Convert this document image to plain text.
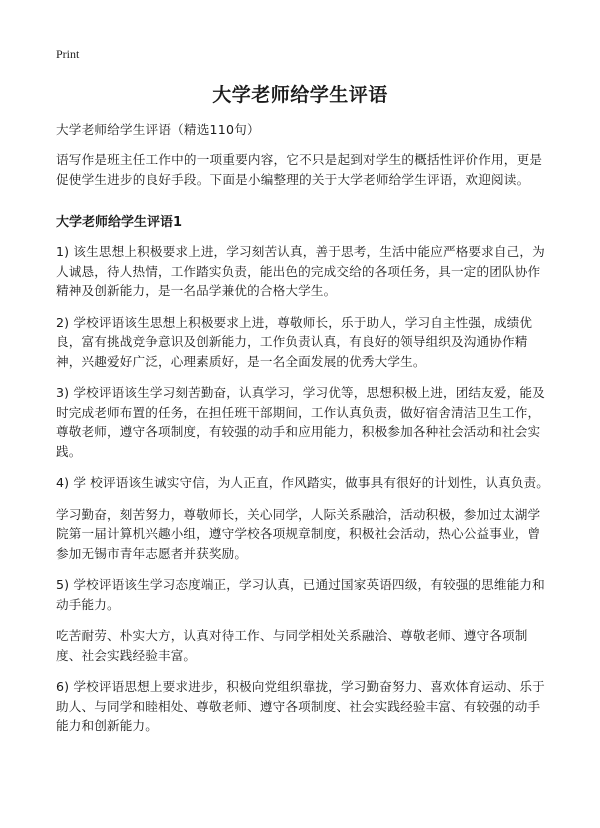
Print
大学老师给学生评语
大学老师给学生评语（精选110句）
语写作是班主任工作中的一项重要内容，它不只是起到对学生的概括性评价作用，更是促使学生进步的良好手段。下面是小编整理的关于大学老师给学生评语，欢迎阅读。
大学老师给学生评语1

1) 该生思想上积极要求上进，学习刻苦认真，善于思考，生活中能应严格要求自己，为人诚恳，待人热情，工作踏实负责，能出色的完成交给的各项任务，具一定的团队协作精神及创新能力，是一名品学兼优的合格大学生。

2) 学校评语该生思想上积极要求上进，尊敬师长，乐于助人，学习自主性强，成绩优良，富有挑战竞争意识及创新能力，工作负责认真，有良好的领导组织及沟通协作精神，兴趣爱好广泛，心理素质好，是一名全面发展的优秀大学生。

3) 学校评语该生学习刻苦勤奋，认真学习，学习优等，思想积极上进，团结友爱，能及时完成老师布置的任务，在担任班干部期间，工作认真负责，做好宿舍清洁卫生工作，尊敬老师，遵守各项制度，有较强的动手和应用能力，积极参加各种社会活动和社会实践。

4) 学 校评语该生诚实守信，为人正直，作风踏实，做事具有很好的计划性，认真负责。

学习勤奋，刻苦努力，尊敬师长，关心同学，人际关系融洽，活动积极，参加过太湖学院第一届计算机兴趣小组，遵守学校各项规章制度，积极社会活动，热心公益事业，曾参加无锡市青年志愿者并获奖励。

5) 学校评语该生学习态度端正，学习认真，已通过国家英语四级，有较强的思维能力和动手能力。

吃苦耐劳、朴实大方，认真对待工作、与同学相处关系融洽、尊敬老师、遵守各项制度、社会实践经验丰富。

6) 学校评语思想上要求进步，积极向党组织靠拢，学习勤奋努力、喜欢体育运动、乐于助人、与同学和睦相处、尊敬老师、遵守各项制度、社会实践经验丰富、有较强的动手能力和创新能力。
